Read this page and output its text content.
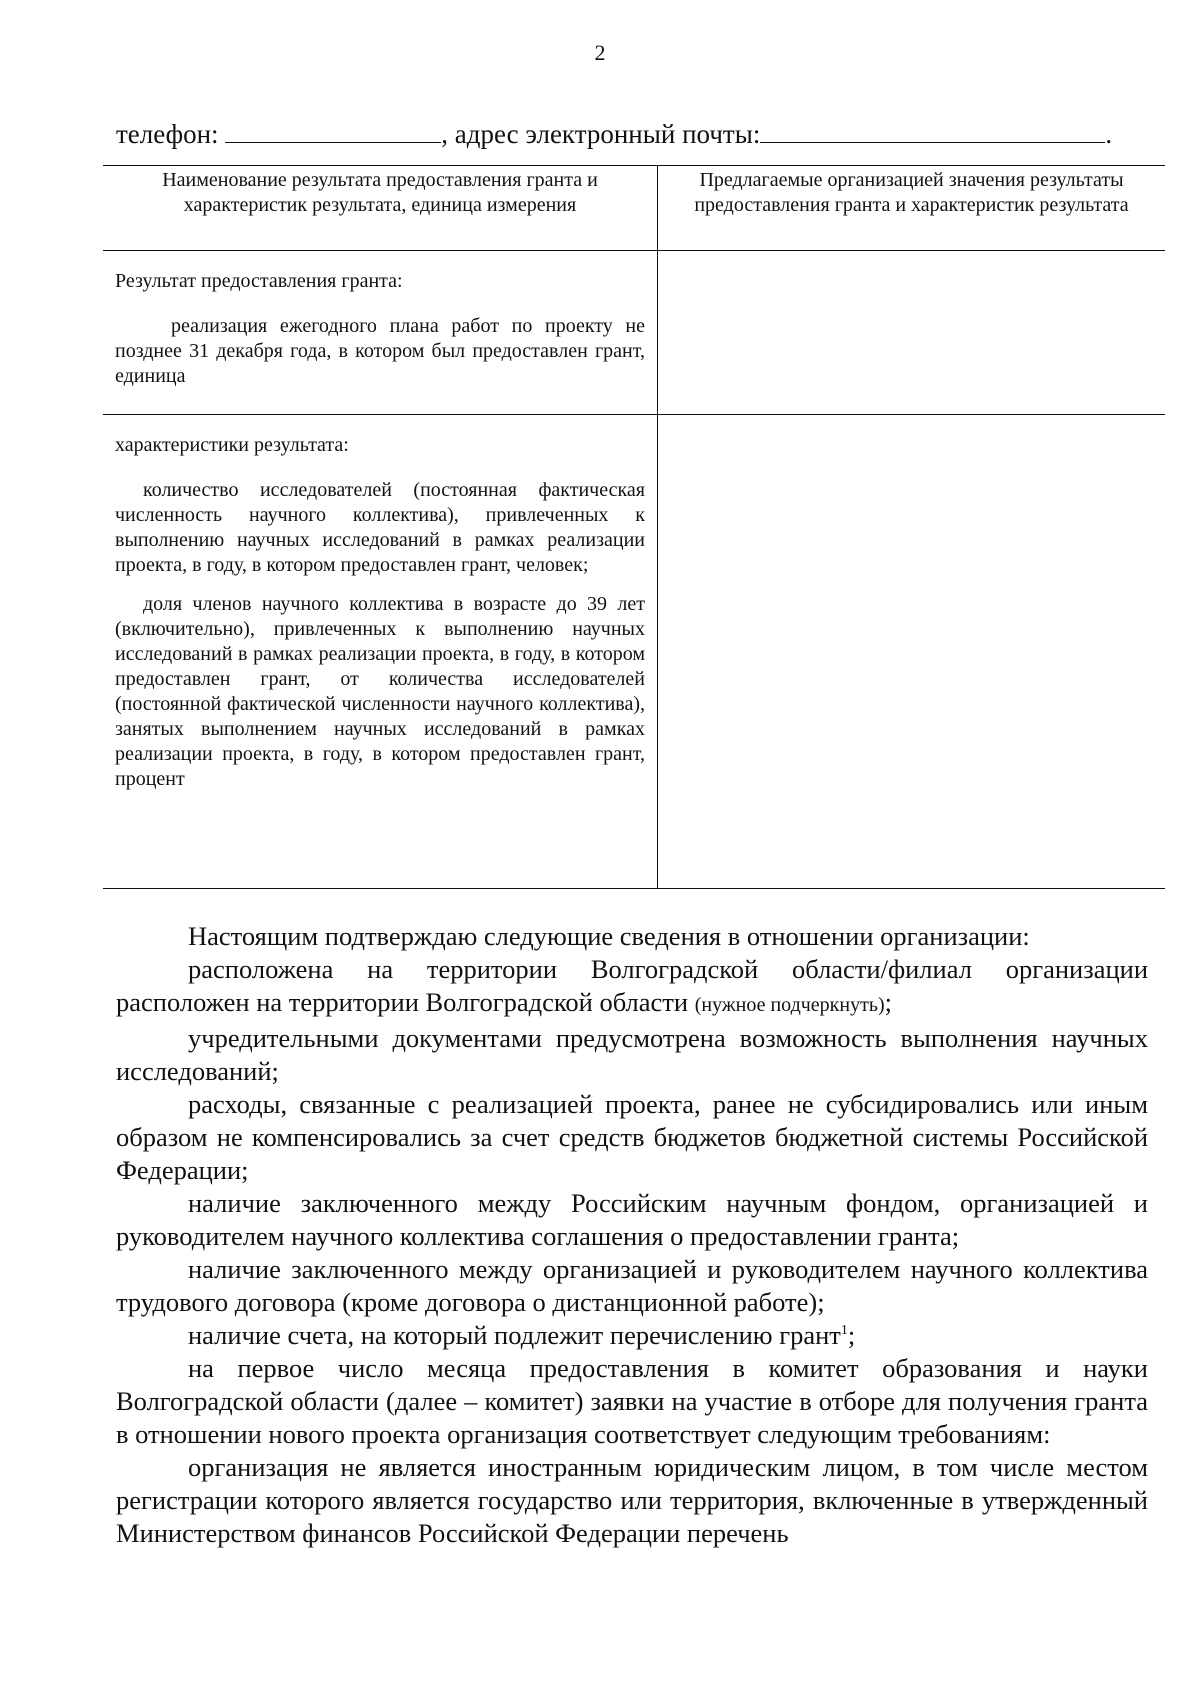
2
телефон:	, адрес электронный почты:	.
Наименование результата предоставления гранта и характеристик результата, единица измерения	Предлагаемые организацией значения результаты предоставления гранта и характеристик результата

Результат предоставления гранта:

реализация ежегодного плана работ по проекту не позднее 31 декабря года, в котором был предоставлен грант, единица	

характеристики результата:

количество исследователей (постоянная фактическая численность научного коллектива), привлеченных к выполнению научных исследований в рамках реализации проекта, в году, в котором предоставлен грант, человек;

доля членов научного коллектива в возрасте до 39 лет (включительно), привлеченных к выполнению научных исследований в рамках реализации проекта, в году, в котором предоставлен грант, от количества исследователей (постоянной фактической численности научного коллектива), занятых выполнением научных исследований в рамках реализации проекта, в году, в котором предоставлен грант, процент	

Настоящим подтверждаю следующие сведения в отношении организации:

расположена на территории Волгоградской области/филиал организации расположен на территории Волгоградской области (нужное подчеркнуть);

учредительными документами предусмотрена возможность выполнения научных исследований;

расходы, связанные с реализацией проекта, ранее не субсидировались или иным образом не компенсировались за счет средств бюджетов бюджетной системы Российской Федерации;

наличие заключенного между Российским научным фондом, организацией и руководителем научного коллектива соглашения о предоставлении гранта;

наличие заключенного между организацией и руководителем научного коллектива трудового договора (кроме договора о дистанционной работе);

наличие счета, на который подлежит перечислению грант$^1$;

на первое число месяца предоставления в комитет образования и науки Волгоградской области (далее – комитет) заявки на участие в отборе для получения гранта в отношении нового проекта организация соответствует следующим требованиям:

организация не является иностранным юридическим лицом, в том числе местом регистрации которого является государство или территория, включенные в утвержденный Министерством финансов Российской Федерации перечень
